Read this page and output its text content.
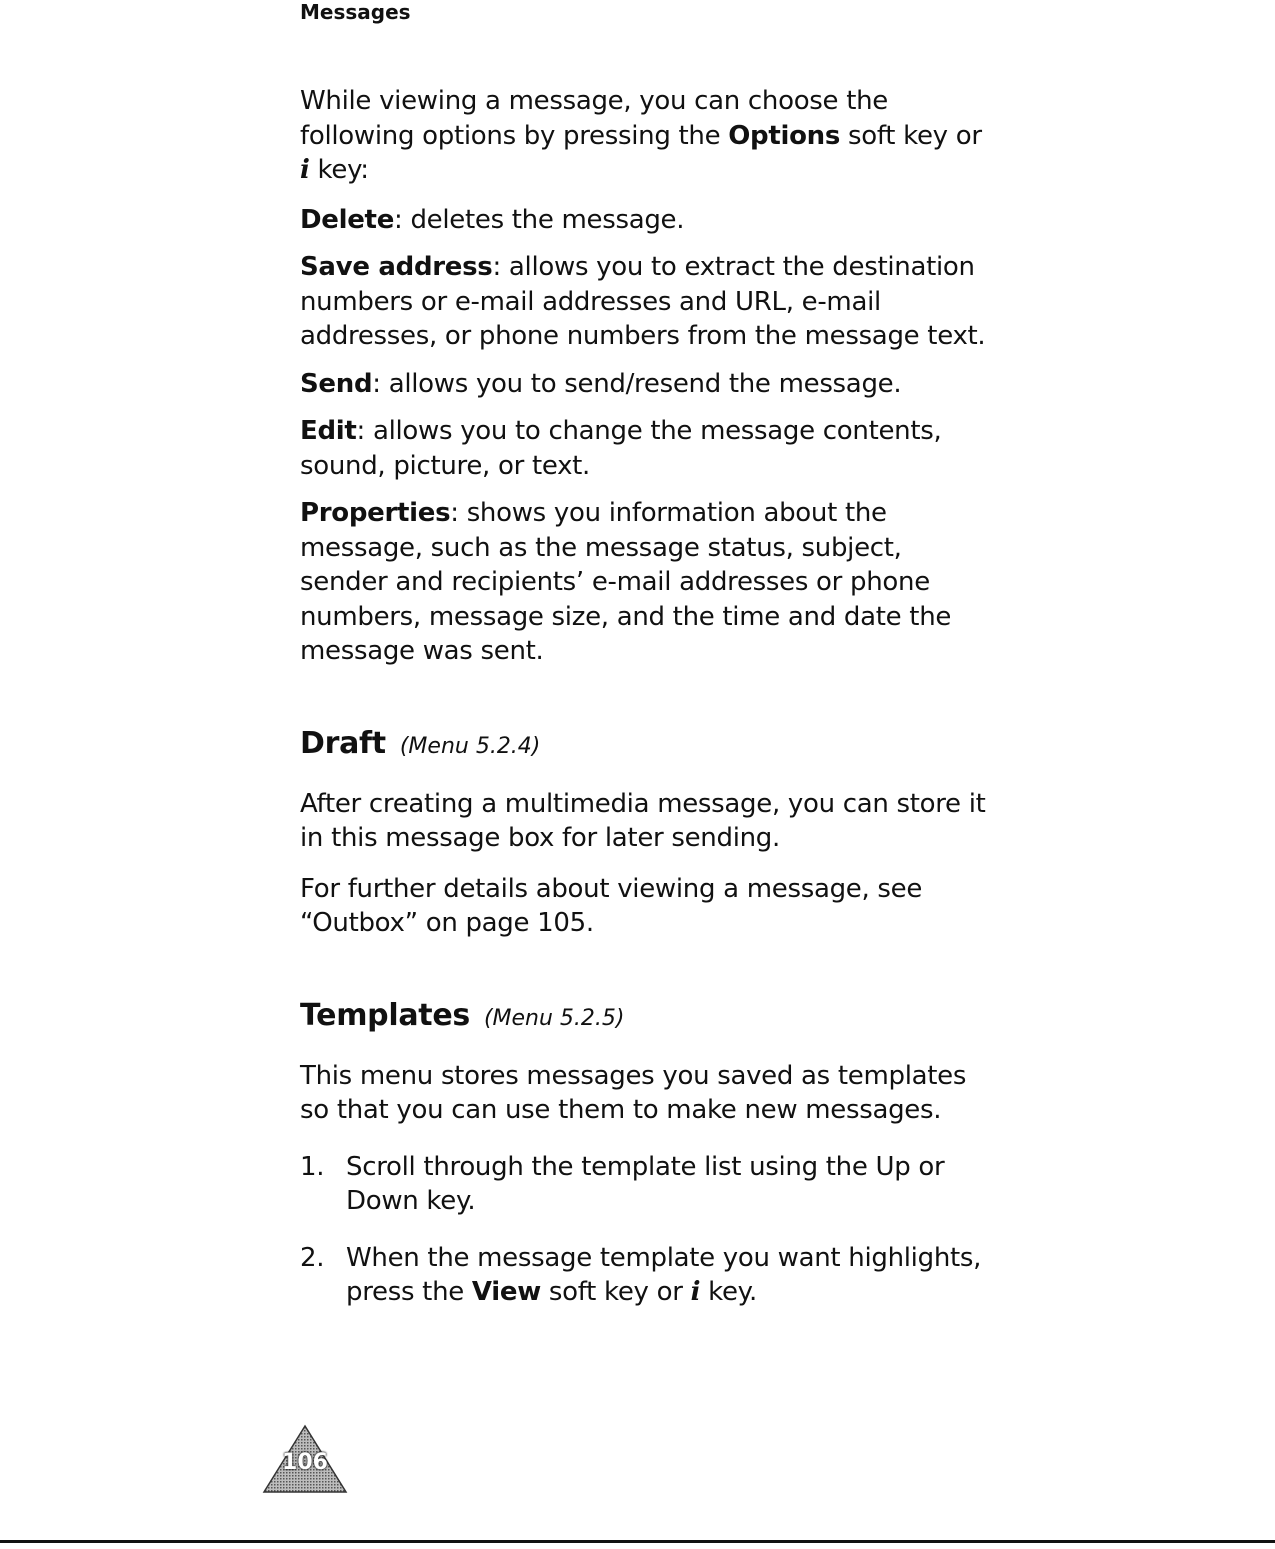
Messages

While viewing a message, you can choose the following options by pressing the Options soft key or i key:

Delete: deletes the message.

Save address: allows you to extract the destination numbers or e-mail addresses and URL, e-mail addresses, or phone numbers from the message text.

Send: allows you to send/resend the message.

Edit: allows you to change the message contents, sound, picture, or text.

Properties: shows you information about the message, such as the message status, subject, sender and recipients’ e-mail addresses or phone numbers, message size, and the time and date the message was sent.

Draft (Menu 5.2.4)

After creating a multimedia message, you can store it in this message box for later sending.

For further details about viewing a message, see “Outbox” on page 105.

Templates (Menu 5.2.5)

This menu stores messages you saved as templates so that you can use them to make new messages.

1. Scroll through the template list using the Up or Down key.
2. When the message template you want highlights, press the View soft key or i key.
106
